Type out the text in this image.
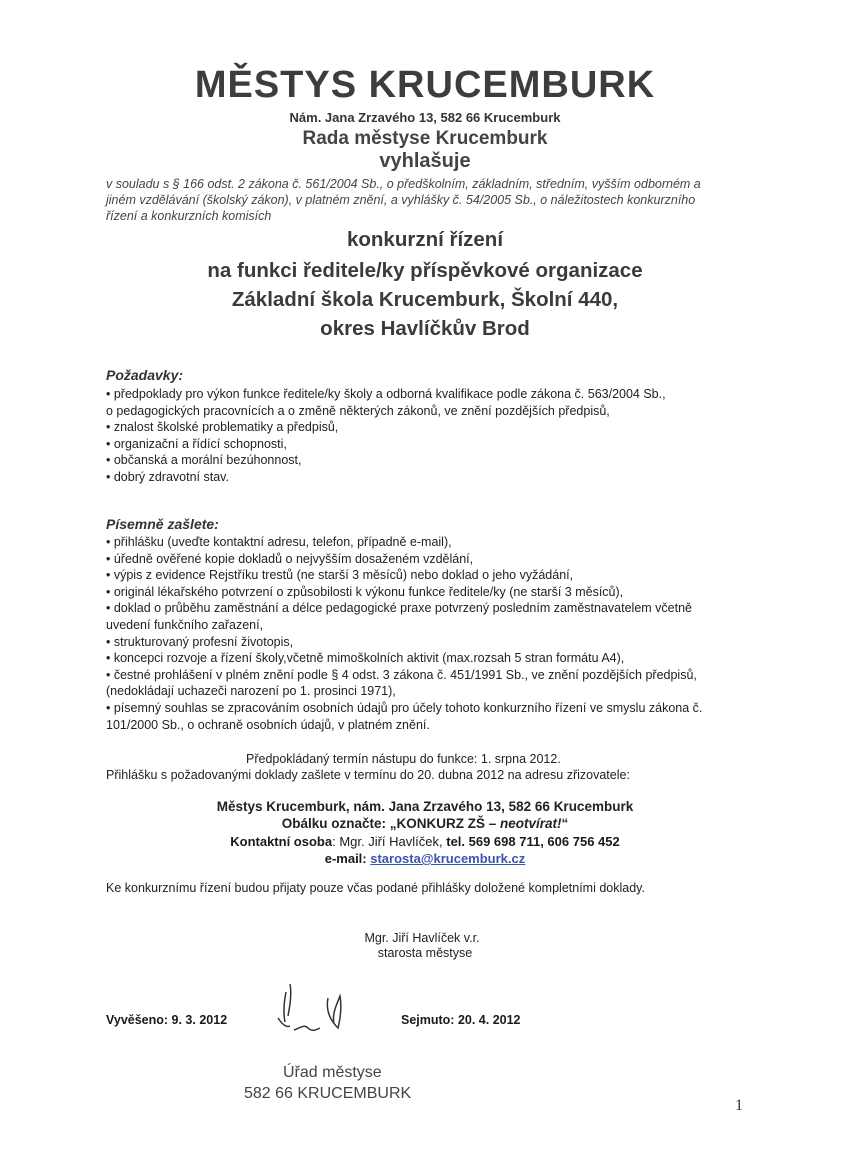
MĚSTYS KRUCEMBURK
Nám. Jana Zrzavého 13, 582 66 Krucemburk
Rada městyse Krucemburk
vyhlašuje
v souladu s § 166 odst. 2 zákona č. 561/2004 Sb., o předškolním, základním, středním, vyšším odborném a jiném vzdělávání (školský zákon), v platném znění, a vyhlášky č. 54/2005 Sb., o náležitostech konkurzního řízení a konkurzních komisích
konkurzní řízení
na funkci ředitele/ky příspěvkové organizace
Základní škola Krucemburk, Školní 440,
okres Havlíčkův Brod
Požadavky:
• předpoklady pro výkon funkce ředitele/ky školy a odborná kvalifikace podle zákona č. 563/2004 Sb., o pedagogických pracovnících a o změně některých zákonů, ve znění pozdějších předpisů,
• znalost školské problematiky a předpisů,
• organizační a řídící schopnosti,
• občanská a morální bezúhonnost,
• dobrý zdravotní stav.
Písemně zašlete:
• přihlášku (uveďte kontaktní adresu, telefon, případně e-mail),
• úředně ověřené kopie dokladů o nejvyšším dosaženém vzdělání,
• výpis z evidence Rejstříku trestů (ne starší 3 měsíců) nebo doklad o jeho vyžádání,
• originál lékařského potvrzení o způsobilosti k výkonu funkce ředitele/ky (ne starší 3 měsíců),
• doklad o průběhu zaměstnání a délce pedagogické praxe potvrzený posledním zaměstnavatelem včetně uvedení funkčního zařazení,
• strukturovaný profesní životopis,
• koncepci rozvoje a řízení školy,včetně mimoškolních aktivit (max.rozsah 5 stran formátu A4),
• čestné prohlášení v plném znění podle § 4 odst. 3 zákona č. 451/1991 Sb., ve znění pozdějších předpisů, (nedokládají uchazeči narození po 1. prosinci 1971),
• písemný souhlas se zpracováním osobních údajů pro účely tohoto konkurzního řízení ve smyslu zákona č. 101/2000 Sb., o ochraně osobních údajů, v platném znění.
Předpokládaný termín nástupu do funkce: 1. srpna 2012.
Přihlášku s požadovanými doklady zašlete v termínu do 20. dubna 2012 na adresu zřizovatele:
Městys Krucemburk, nám. Jana Zrzavého 13, 582 66 Krucemburk
Obálku označte: „KONKURZ ZŠ – neotvírat!“
Kontaktní osoba: Mgr. Jiří Havlíček, tel. 569 698 711, 606 756 452
e-mail: starosta@krucemburk.cz
Ke konkurznímu řízení budou přijaty pouze včas podané přihlášky doložené kompletními doklady.
Mgr. Jiří Havlíček v.r.
starosta městyse
Vyvěšeno: 9. 3. 2012	Sejmuto: 20. 4. 2012
Úřad městyse
582 66 KRUCEMBURK
1
